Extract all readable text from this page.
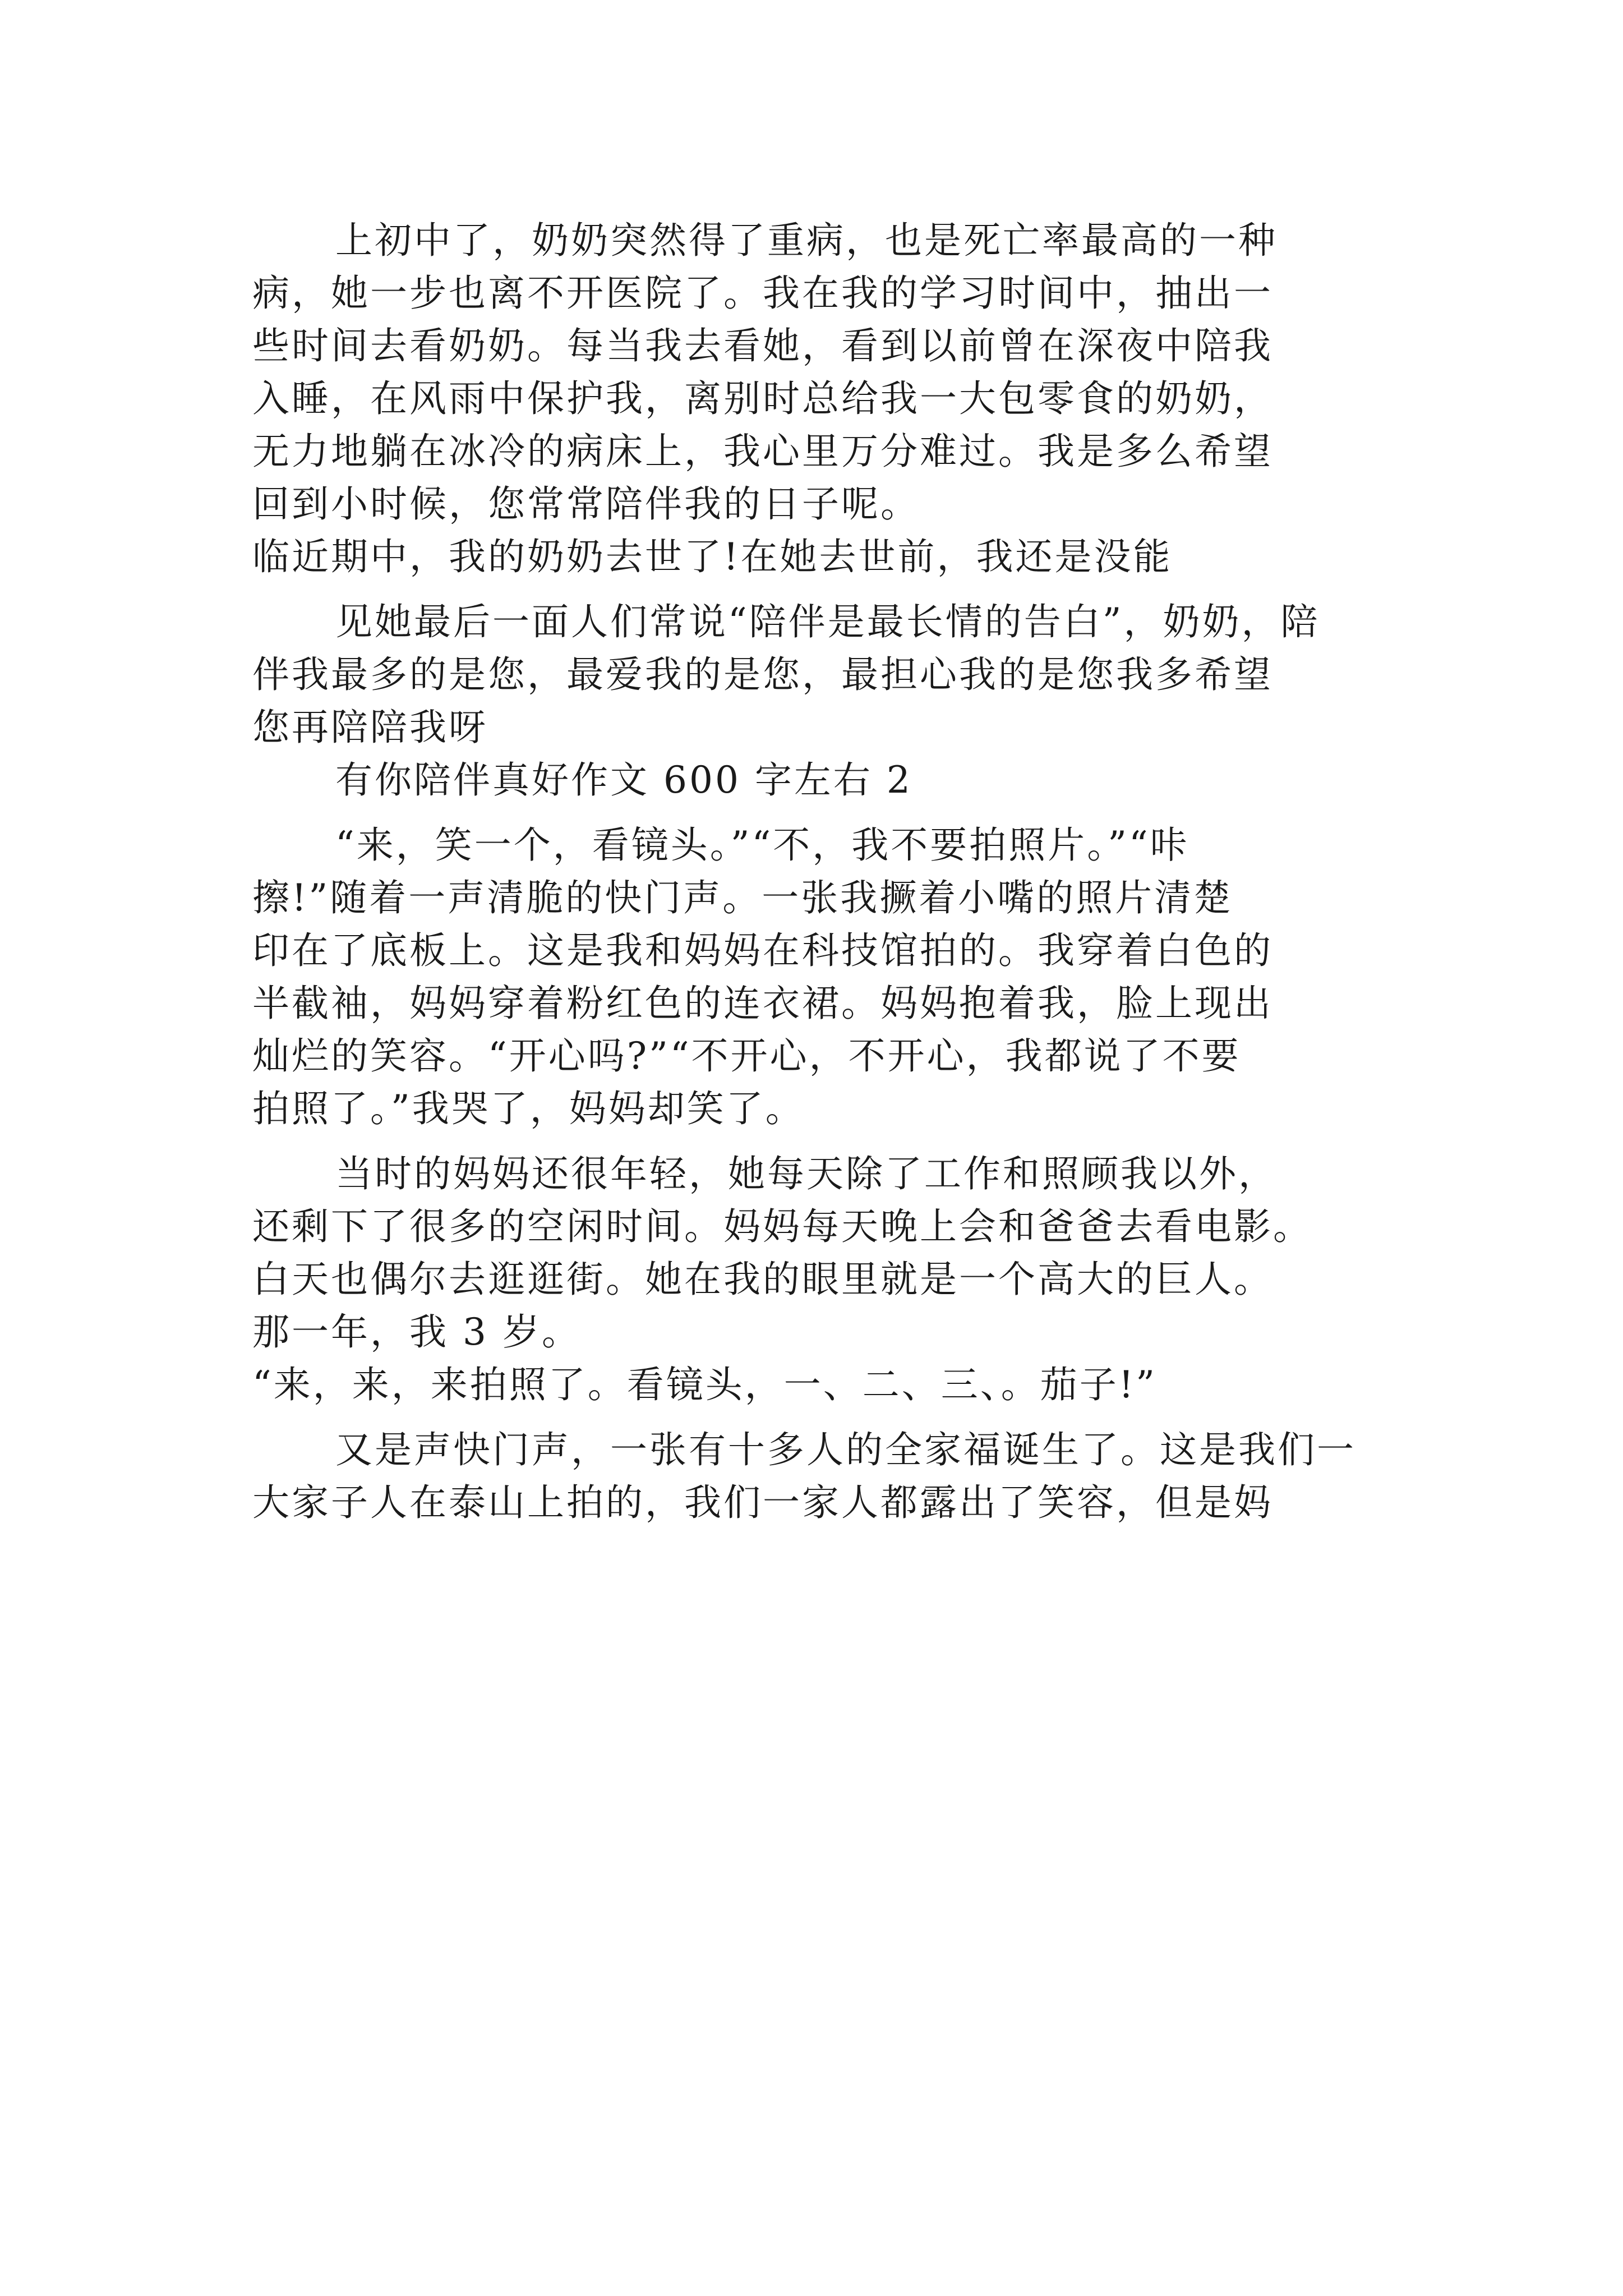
上初中了，奶奶突然得了重病，也是死亡率最高的一种

病，她一步也离不开医院了。我在我的学习时间中，抽出一

些时间去看奶奶。每当我去看她，看到以前曾在深夜中陪我

入睡，在风雨中保护我，离别时总给我一大包零食的奶奶，

无力地躺在冰冷的病床上，我心里万分难过。我是多么希望

回到小时候，您常常陪伴我的日子呢。

临近期中，我的奶奶去世了!在她去世前，我还是没能

见她最后一面人们常说“陪伴是最长情的告白”，奶奶，陪

伴我最多的是您，最爱我的是您，最担心我的是您我多希望

您再陪陪我呀

有你陪伴真好作文 600 字左右 2

“来，笑一个，看镜头。”“不，我不要拍照片。”“咔

擦!”随着一声清脆的快门声。一张我撅着小嘴的照片清楚

印在了底板上。这是我和妈妈在科技馆拍的。我穿着白色的

半截袖，妈妈穿着粉红色的连衣裙。妈妈抱着我，脸上现出

灿烂的笑容。“开心吗?”“不开心，不开心，我都说了不要

拍照了。”我哭了，妈妈却笑了。

当时的妈妈还很年轻，她每天除了工作和照顾我以外，

还剩下了很多的空闲时间。妈妈每天晚上会和爸爸去看电影。

白天也偶尔去逛逛街。她在我的眼里就是一个高大的巨人。

那一年，我 3 岁。

“来，来，来拍照了。看镜头，一、二、三、。茄子!”

又是声快门声，一张有十多人的全家福诞生了。这是我们一

大家子人在泰山上拍的，我们一家人都露出了笑容，但是妈
